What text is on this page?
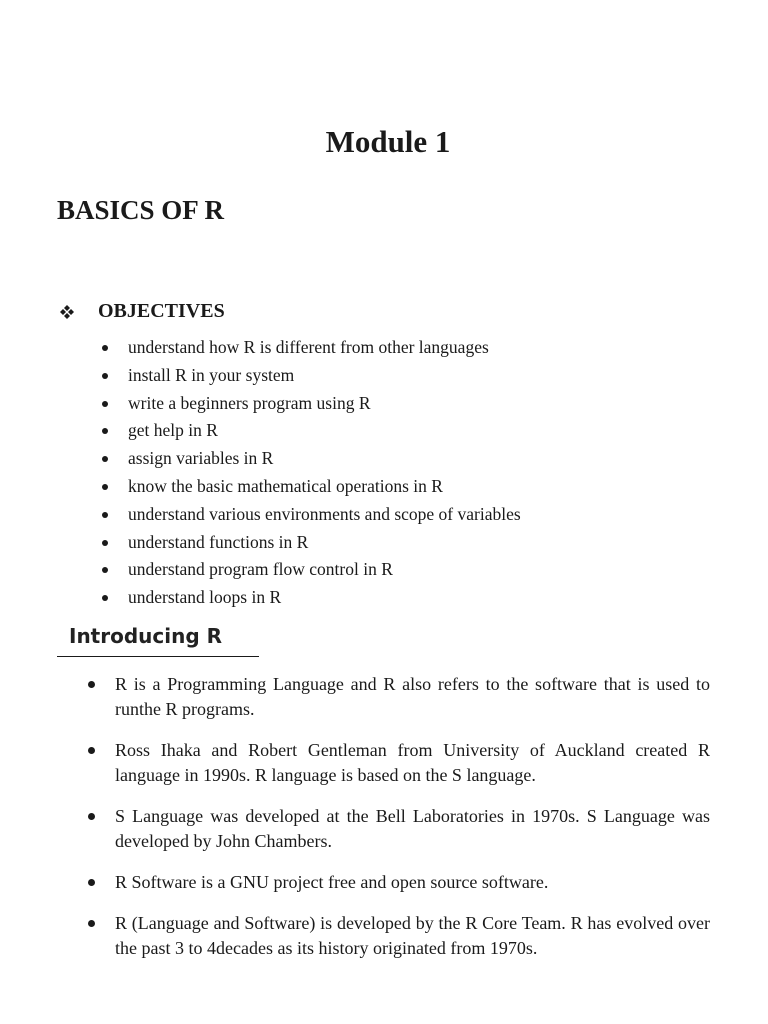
Module 1
BASICS OF R
OBJECTIVES
understand how R is different from other languages
install R in your system
write a beginners program using R
get help in R
assign variables in R
know the basic mathematical operations in R
understand various environments and scope of variables
understand functions in R
understand program flow control in R
understand loops in R
Introducing R
R is a Programming Language and R also refers to the software that is used to runthe R programs.
Ross Ihaka and Robert Gentleman from University of Auckland created R language in 1990s. R language is based on the S language.
S Language was developed at the Bell Laboratories in 1970s. S Language was developed by John Chambers.
R Software is a GNU project free and open source software.
R (Language and Software) is developed by the R Core Team. R has evolved over the past 3 to 4decades as its history originated from 1970s.
